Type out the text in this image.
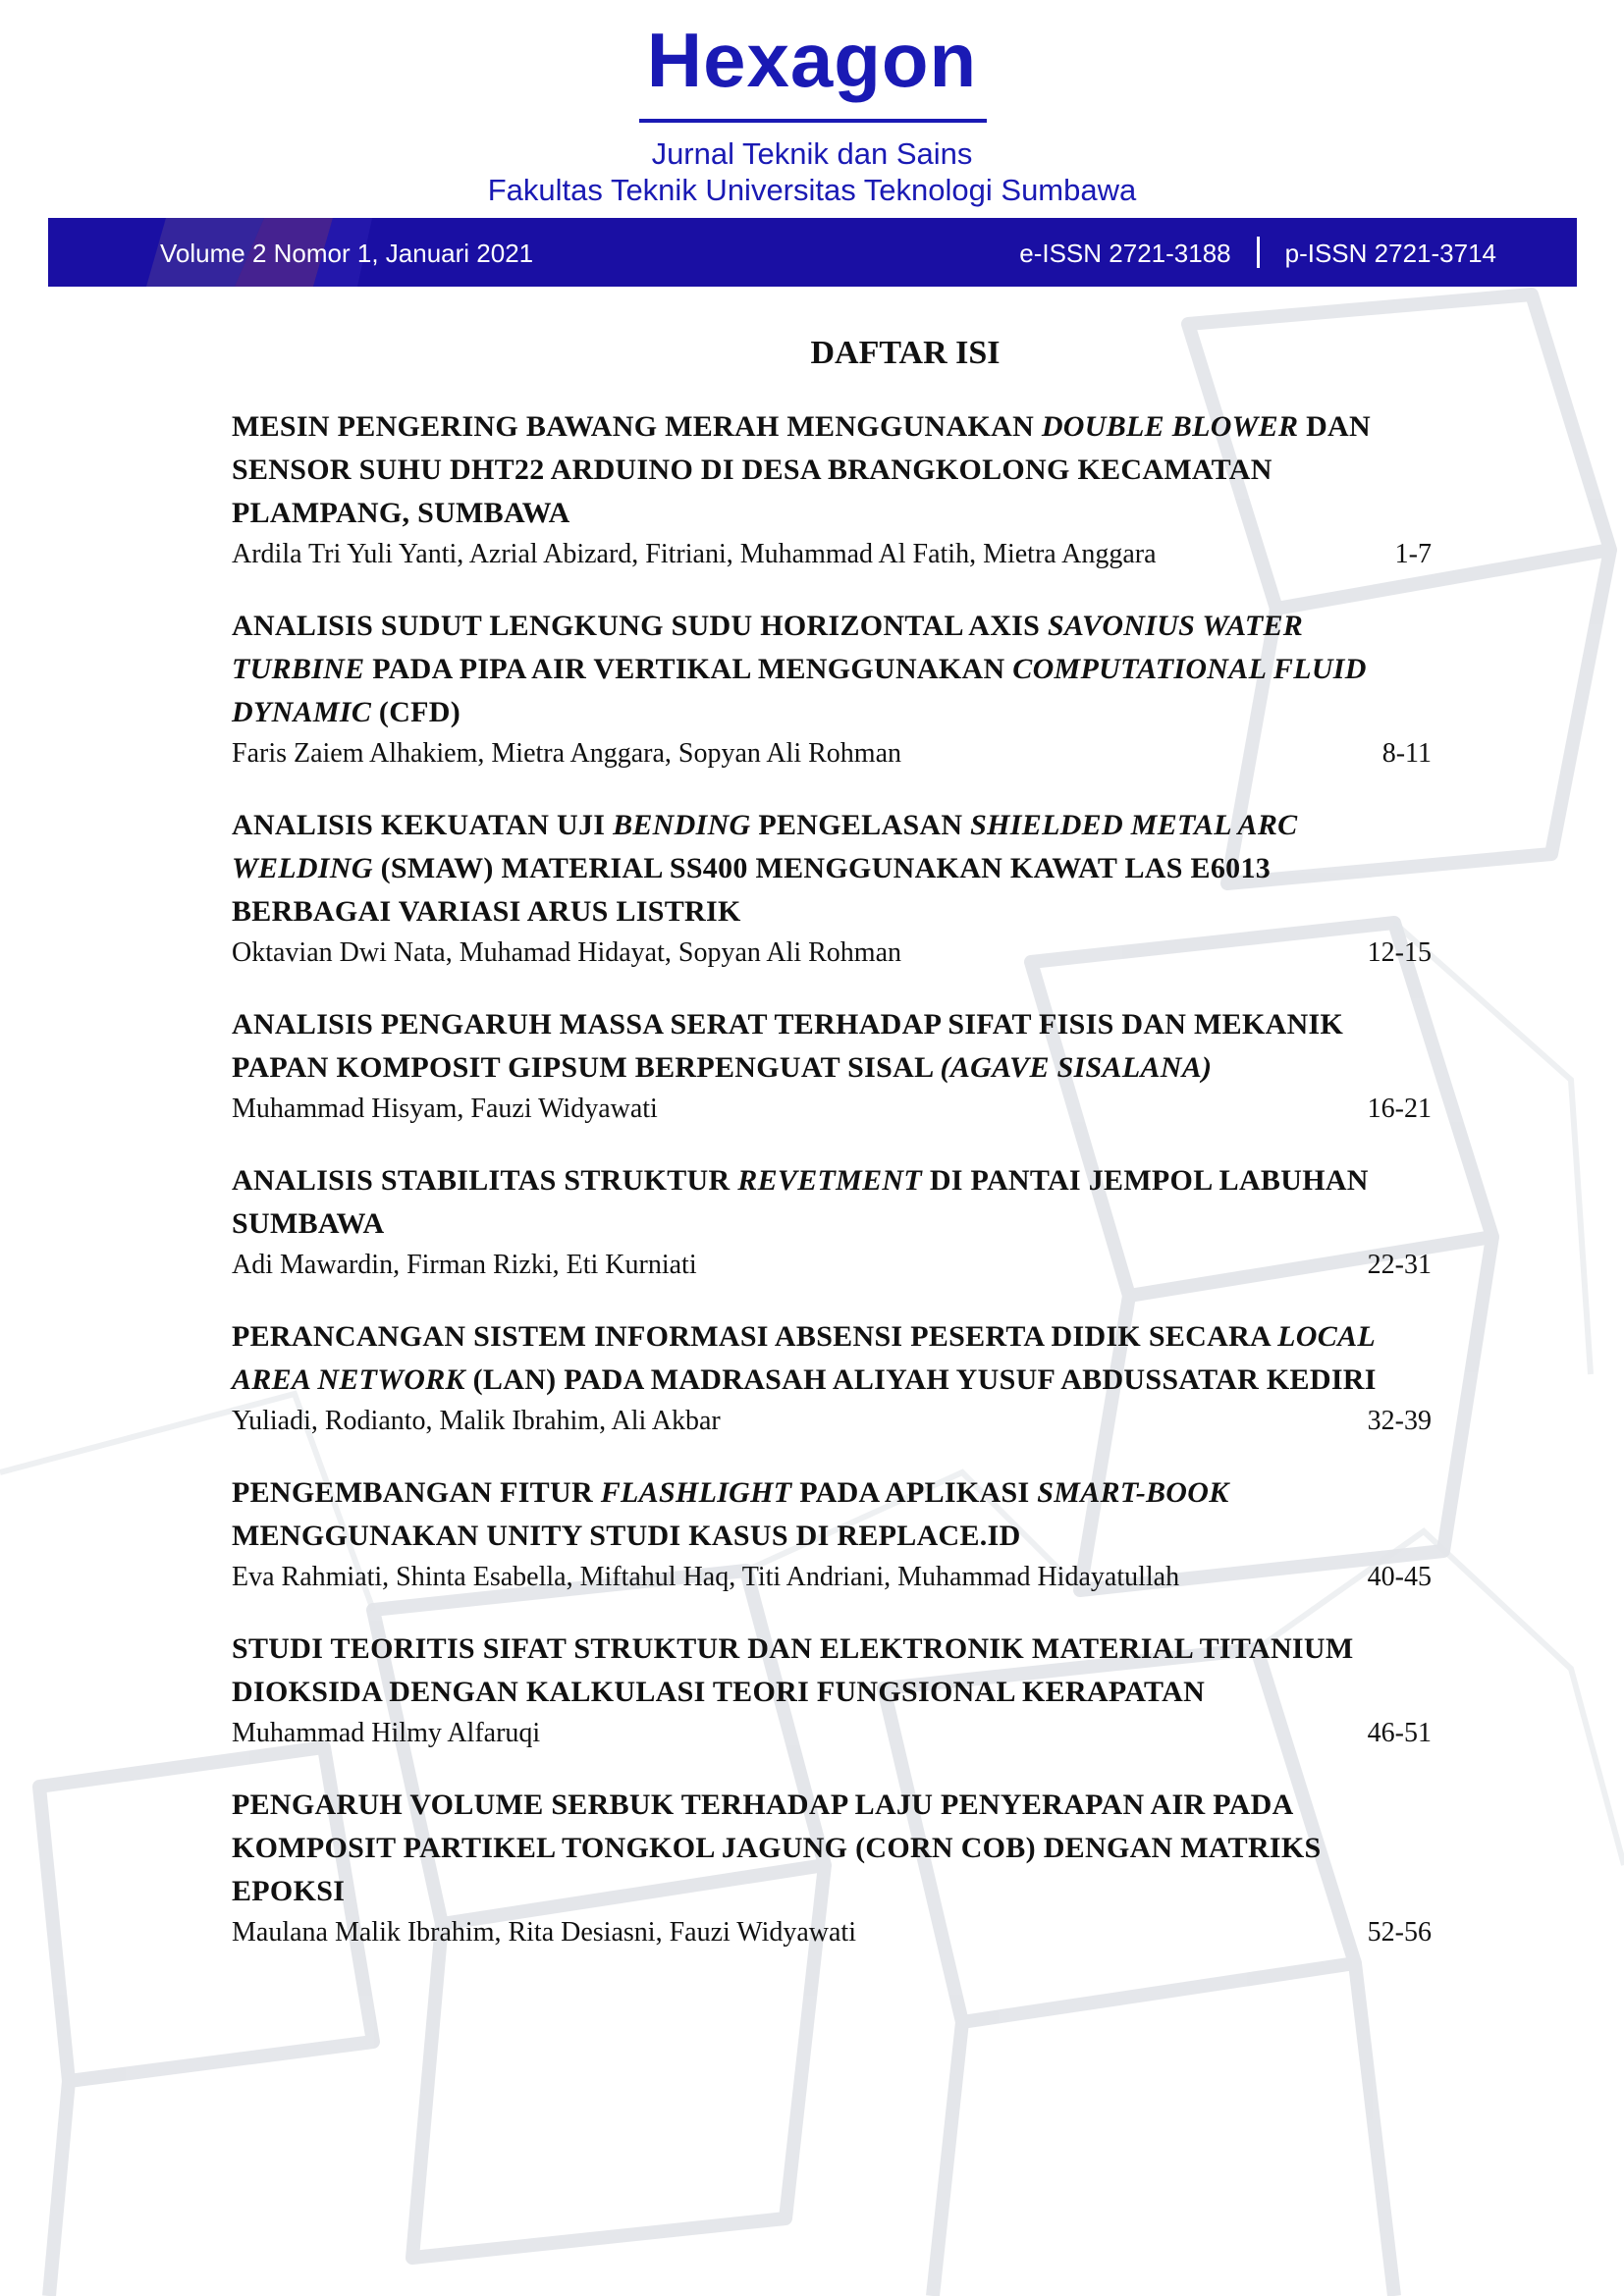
Hexagon
Jurnal Teknik dan Sains
Fakultas Teknik Universitas Teknologi Sumbawa
Volume 2 Nomor 1, Januari 2021	e-ISSN 2721-3188 p-ISSN 2721-3714
DAFTAR ISI
MESIN PENGERING BAWANG MERAH MENGGUNAKAN DOUBLE BLOWER DAN SENSOR SUHU DHT22 ARDUINO DI DESA BRANGKOLONG KECAMATAN PLAMPANG, SUMBAWA
Ardila Tri Yuli Yanti, Azrial Abizard, Fitriani, Muhammad Al Fatih, Mietra Anggara	1-7
ANALISIS SUDUT LENGKUNG SUDU HORIZONTAL AXIS SAVONIUS WATER TURBINE PADA PIPA AIR VERTIKAL MENGGUNAKAN COMPUTATIONAL FLUID DYNAMIC (CFD)
Faris Zaiem Alhakiem, Mietra Anggara, Sopyan Ali Rohman	8-11
ANALISIS KEKUATAN UJI BENDING PENGELASAN SHIELDED METAL ARC WELDING (SMAW) MATERIAL SS400 MENGGUNAKAN KAWAT LAS E6013 BERBAGAI VARIASI ARUS LISTRIK
Oktavian Dwi Nata, Muhamad Hidayat, Sopyan Ali Rohman	12-15
ANALISIS PENGARUH MASSA SERAT TERHADAP SIFAT FISIS DAN MEKANIK PAPAN KOMPOSIT GIPSUM BERPENGUAT SISAL (AGAVE SISALANA)
Muhammad Hisyam, Fauzi Widyawati	16-21
ANALISIS STABILITAS STRUKTUR REVETMENT DI PANTAI JEMPOL LABUHAN SUMBAWA
Adi Mawardin, Firman Rizki, Eti Kurniati	22-31
PERANCANGAN SISTEM INFORMASI ABSENSI PESERTA DIDIK SECARA LOCAL AREA NETWORK (LAN) PADA MADRASAH ALIYAH YUSUF ABDUSSATAR KEDIRI
Yuliadi, Rodianto, Malik Ibrahim, Ali Akbar	32-39
PENGEMBANGAN FITUR FLASHLIGHT PADA APLIKASI SMART-BOOK MENGGUNAKAN UNITY STUDI KASUS DI REPLACE.ID
Eva Rahmiati, Shinta Esabella, Miftahul Haq, Titi Andriani, Muhammad Hidayatullah	40-45
STUDI TEORITIS SIFAT STRUKTUR DAN ELEKTRONIK MATERIAL TITANIUM DIOKSIDA DENGAN KALKULASI TEORI FUNGSIONAL KERAPATAN
Muhammad Hilmy Alfaruqi	46-51
PENGARUH VOLUME SERBUK TERHADAP LAJU PENYERAPAN AIR PADA KOMPOSIT PARTIKEL TONGKOL JAGUNG (CORN COB) DENGAN MATRIKS EPOKSI
Maulana Malik Ibrahim, Rita Desiasni, Fauzi Widyawati	52-56
